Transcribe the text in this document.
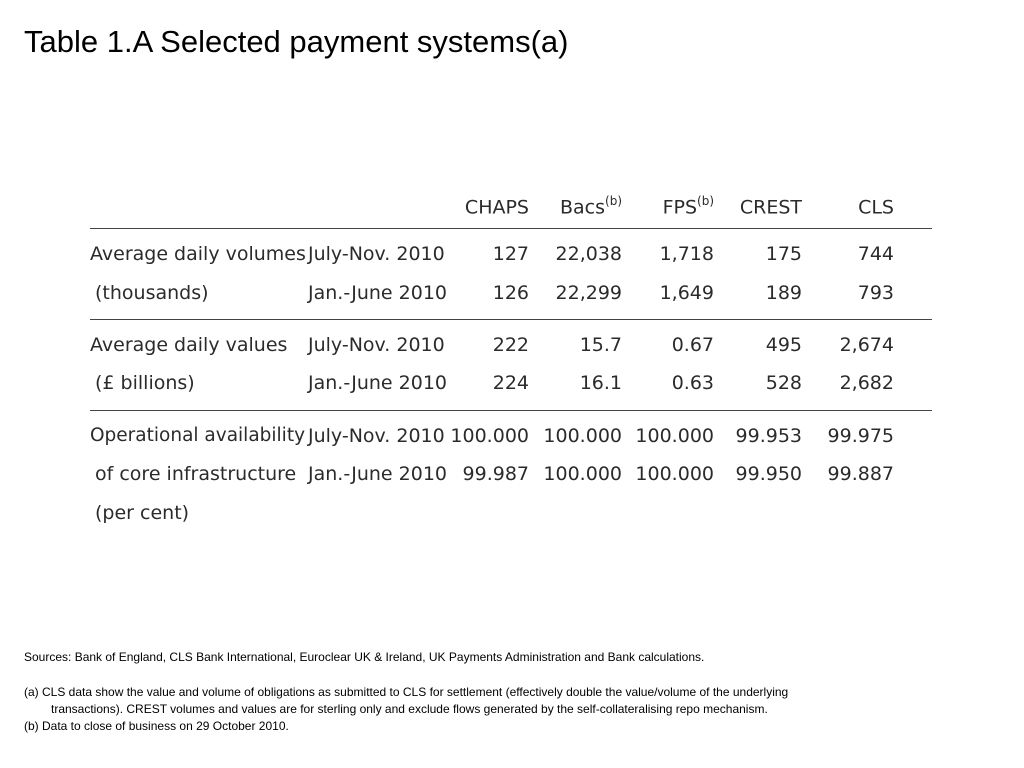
Table 1.A Selected payment systems(a)
CHAPS	Bacs$^{(b)}$	FPS$^{(b)}$	CREST	CLS
Average daily volumes
(thousands)
July-Nov. 2010	127	22,038	1,718	175	744
Jan.-June 2010	126	22,299	1,649	189	793
Average daily values
(£ billions)
July-Nov. 2010	222	15.7	0.67	495	2,674
Jan.-June 2010	224	16.1	0.63	528	2,682
Operational availability
of core infrastructure
(per cent)
July-Nov. 2010 100.000 100.000 100.000	99.953	99.975
Jan.-June 2010 99.987 100.000 100.000	99.950	99.887

Sources: Bank of England, CLS Bank International, Euroclear UK & Ireland, UK Payments Administration and Bank calculations.

(a) CLS data show the value and volume of obligations as submitted to CLS for settlement (effectively double the value/volume of the underlying

transactions). CREST volumes and values are for sterling only and exclude flows generated by the self-collateralising repo mechanism.

(b) Data to close of business on 29 October 2010.
